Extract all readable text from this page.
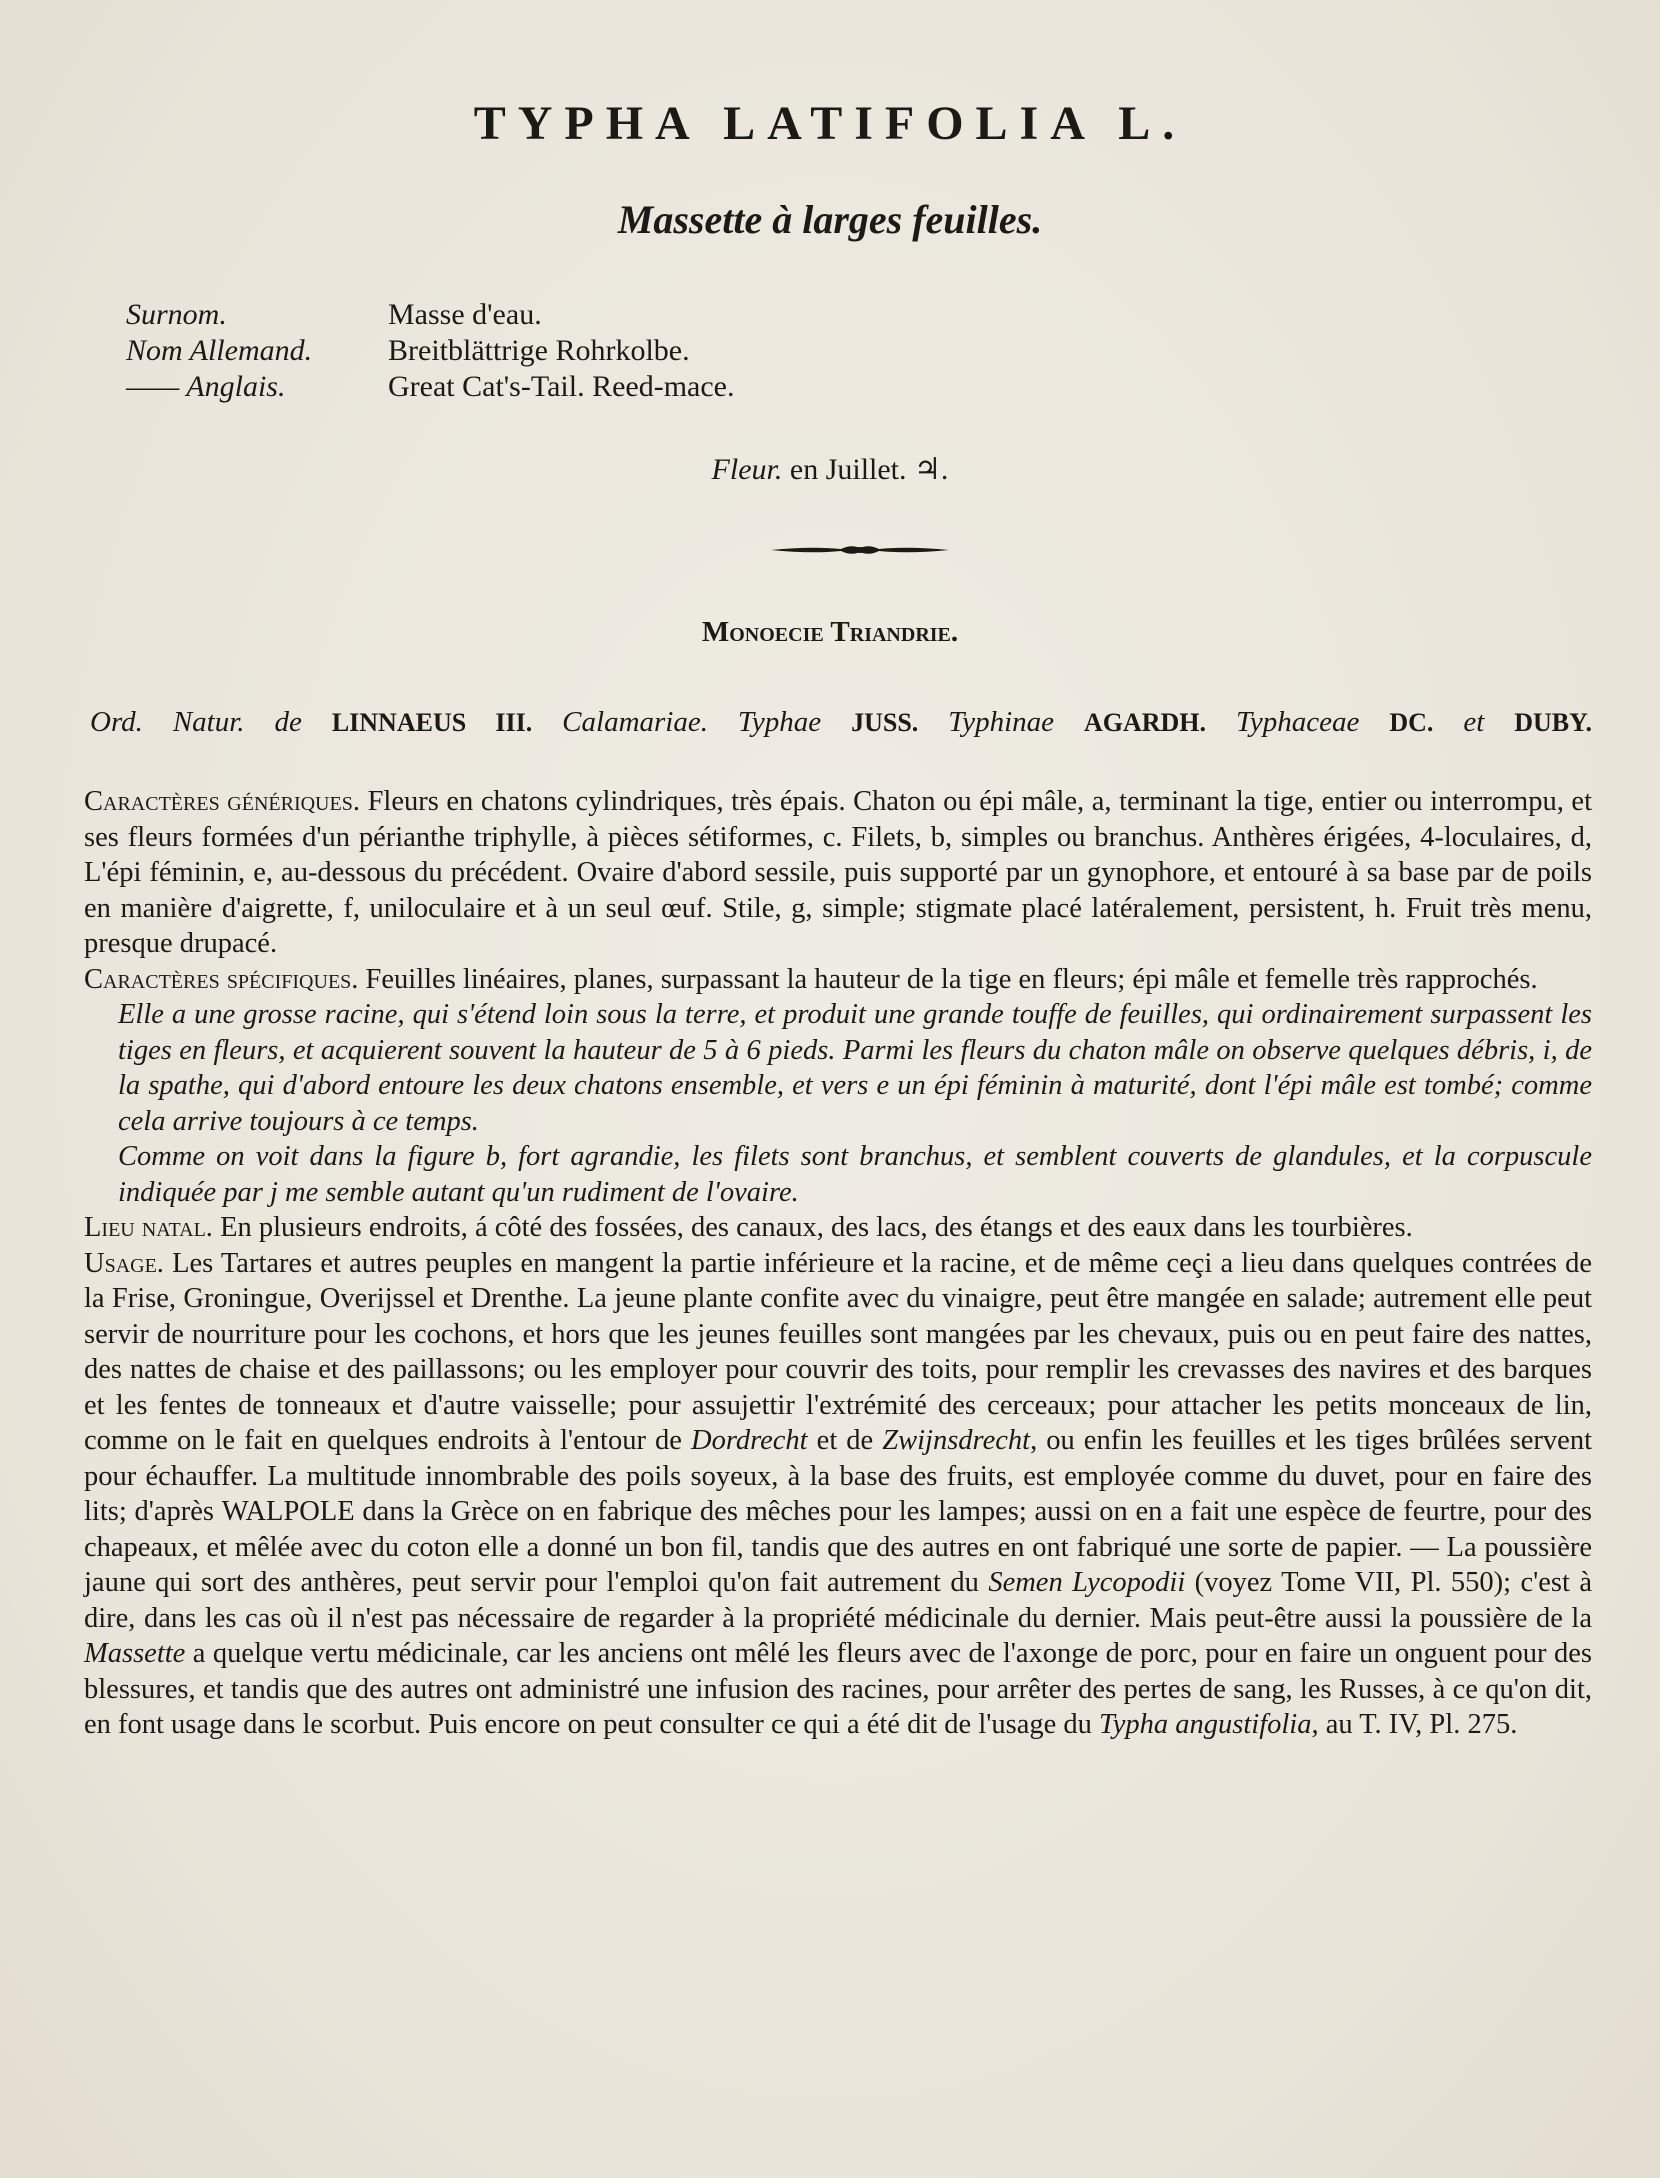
TYPHA LATIFOLIA L.
Massette à larges feuilles.
Surnom.	Masse d'eau.
Nom Allemand.	Breitblättrige Rohrkolbe.
—— Anglais.	Great Cat's-Tail. Reed-mace.
Fleur. en Juillet. ♃.
Monoecie Triandrie.
Ord. Natur. de LINNAEUS III. Calamariae. Typhae JUSS. Typhinae AGARDH. Typhaceae DC. et DUBY.

Caractères génériques. Fleurs en chatons cylindriques, très épais. Chaton ou épi mâle, a, terminant la tige, entier ou interrompu, et ses fleurs formées d'un périanthe triphylle, à pièces sétiformes, c. Filets, b, simples ou branchus. Anthères érigées, 4-loculaires, d, L'épi féminin, e, au-dessous du précédent. Ovaire d'abord sessile, puis supporté par un gynophore, et entouré à sa base par de poils en manière d'aigrette, f, uniloculaire et à un seul œuf. Stile, g, simple; stigmate placé latéralement, persistent, h. Fruit très menu, presque drupacé.

Caractères spécifiques. Feuilles linéaires, planes, surpassant la hauteur de la tige en fleurs; épi mâle et femelle très rapprochés.

Elle a une grosse racine, qui s'étend loin sous la terre, et produit une grande touffe de feuilles, qui ordinairement surpassent les tiges en fleurs, et acquierent souvent la hauteur de 5 à 6 pieds. Parmi les fleurs du chaton mâle on observe quelques débris, i, de la spathe, qui d'abord entoure les deux chatons ensemble, et vers e un épi féminin à maturité, dont l'épi mâle est tombé; comme cela arrive toujours à ce temps.

Comme on voit dans la figure b, fort agrandie, les filets sont branchus, et semblent couverts de glandules, et la corpuscule indiquée par j me semble autant qu'un rudiment de l'ovaire.

Lieu natal. En plusieurs endroits, á côté des fossées, des canaux, des lacs, des étangs et des eaux dans les tourbières.

Usage. Les Tartares et autres peuples en mangent la partie inférieure et la racine, et de même ceçi a lieu dans quelques contrées de la Frise, Groningue, Overijssel et Drenthe. La jeune plante confite avec du vinaigre, peut être mangée en salade; autrement elle peut servir de nourriture pour les cochons, et hors que les jeunes feuilles sont mangées par les chevaux, puis ou en peut faire des nattes, des nattes de chaise et des paillassons; ou les employer pour couvrir des toits, pour remplir les crevasses des navires et des barques et les fentes de tonneaux et d'autre vaisselle; pour assujettir l'extrémité des cerceaux; pour attacher les petits monceaux de lin, comme on le fait en quelques endroits à l'entour de Dordrecht et de Zwijnsdrecht, ou enfin les feuilles et les tiges brûlées servent pour échauffer. La multitude innombrable des poils soyeux, à la base des fruits, est employée comme du duvet, pour en faire des lits; d'après WALPOLE dans la Grèce on en fabrique des mêches pour les lampes; aussi on en a fait une espèce de feurtre, pour des chapeaux, et mêlée avec du coton elle a donné un bon fil, tandis que des autres en ont fabriqué une sorte de papier. — La poussière jaune qui sort des anthères, peut servir pour l'emploi qu'on fait autrement du Semen Lycopodii (voyez Tome VII, Pl. 550); c'est à dire, dans les cas où il n'est pas nécessaire de regarder à la propriété médicinale du dernier. Mais peut-être aussi la poussière de la Massette a quelque vertu médicinale, car les anciens ont mêlé les fleurs avec de l'axonge de porc, pour en faire un onguent pour des blessures, et tandis que des autres ont administré une infusion des racines, pour arrêter des pertes de sang, les Russes, à ce qu'on dit, en font usage dans le scorbut. Puis encore on peut consulter ce qui a été dit de l'usage du Typha angustifolia, au T. IV, Pl. 275.
